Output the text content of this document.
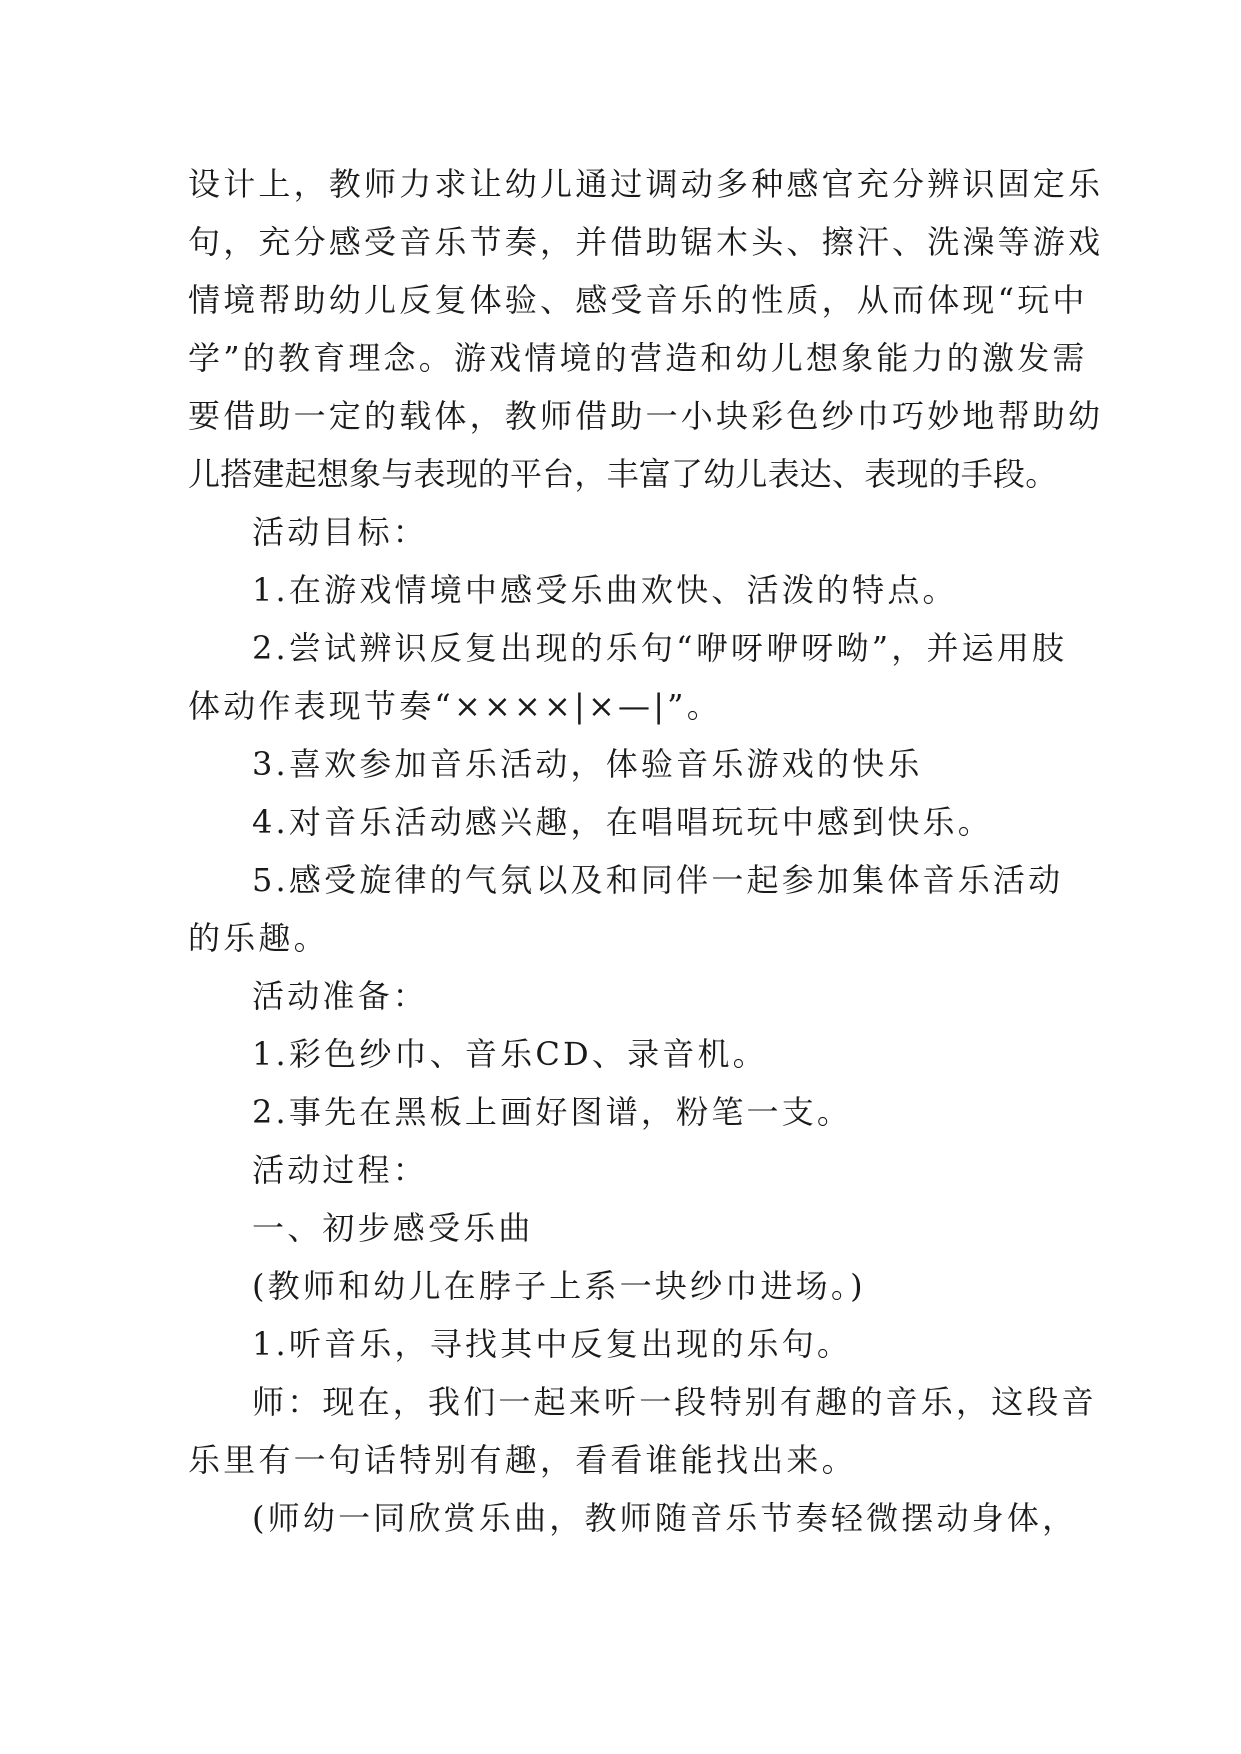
设计上，教师力求让幼儿通过调动多种感官充分辨识固定乐
句，充分感受音乐节奏，并借助锯木头、擦汗、洗澡等游戏
情境帮助幼儿反复体验、感受音乐的性质，从而体现“玩中
学”的教育理念。游戏情境的营造和幼儿想象能力的激发需
要借助一定的载体，教师借助一小块彩色纱巾巧妙地帮助幼
儿搭建起想象与表现的平台，丰富了幼儿表达、表现的手段。
活动目标：
1.在游戏情境中感受乐曲欢快、活泼的特点。
2.尝试辨识反复出现的乐句“咿呀咿呀呦”，并运用肢
体动作表现节奏“××××|×—|”。
3.喜欢参加音乐活动，体验音乐游戏的快乐
4.对音乐活动感兴趣，在唱唱玩玩中感到快乐。
5.感受旋律的气氛以及和同伴一起参加集体音乐活动
的乐趣。
活动准备：
1.彩色纱巾、音乐CD、录音机。
2.事先在黑板上画好图谱，粉笔一支。
活动过程：
一、初步感受乐曲
(教师和幼儿在脖子上系一块纱巾进场。)
1.听音乐，寻找其中反复出现的乐句。
师：现在，我们一起来听一段特别有趣的音乐，这段音
乐里有一句话特别有趣，看看谁能找出来。
(师幼一同欣赏乐曲，教师随音乐节奏轻微摆动身体，
